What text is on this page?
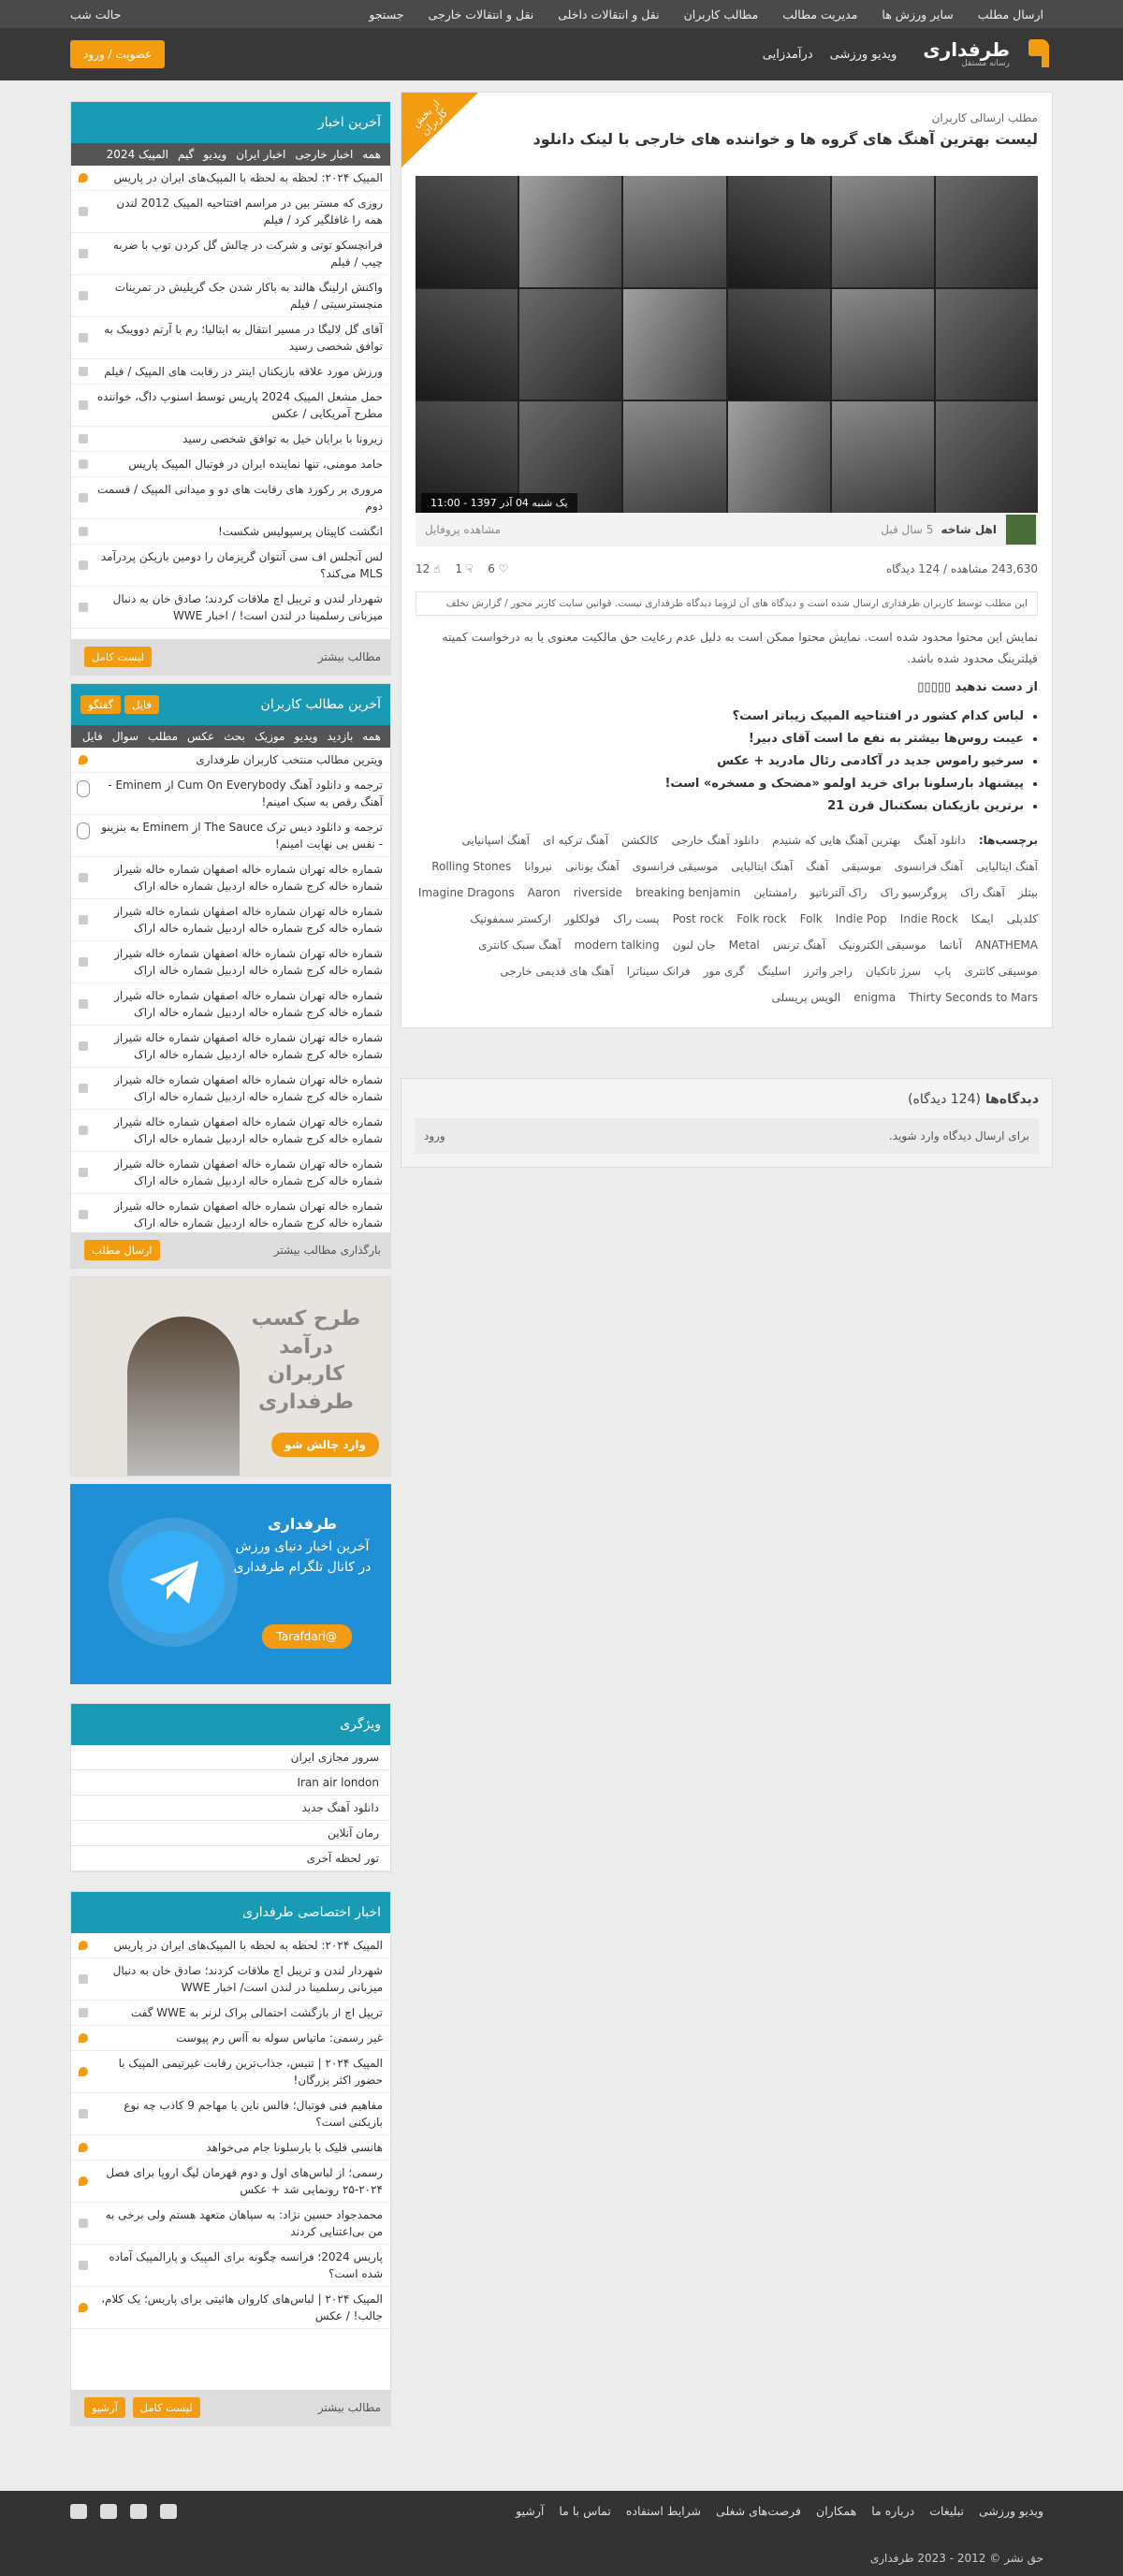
ارسال مطلب
سایر ورزش ها
مدیریت مطالب
مطالب کاربران
نقل و انتقالات داخلی
نقل و انتقالات خارجی
جستجو
حالت شب
طرفداری
رسانه مستقل
ویدیو ورزشی
درآمدزایی
عضویت / ورود
از بخش کاربران	مطلب ارسالی کاربران
لیست بهترین آهنگ های گروه ها و خواننده های خارجی با لینک دانلود
یک شنبه 04 آذر 1397 - 11:00
اهل شاخه
5 سال قبل
مشاهده پروفایل
243,630 مشاهده / 124 دیدگاه
♡ 6
☟ 1
☝ 12
این مطلب توسط کاربران طرفداری ارسال شده است و دیدگاه های آن لزوما دیدگاه طرفداری نیست. قوانین سایت کاربر محور / گزارش تخلف

نمایش این محتوا محدود شده است. نمایش محتوا ممکن است به دلیل عدم رعایت حق مالکیت معنوی یا به درخواست کمیته فیلترینگ محدود شده باشد.

از دست ندهید ▯▯▯▯▯
• لباس کدام کشور در افتتاحیه المپیک زیباتر است؟
• عیبت روس‌ها بیشتر به نفع ما است آقای دبیر!
• سرخیو راموس جدید در آکادمی رئال مادرید + عکس
• پیشنهاد بارسلونا برای خرید اولمو «مضحک و مسخره» است!
• برترین بازیکنان بسکتبال قرن 21
برچسب‌ها:
دانلود آهنگ
بهترین آهنگ هایی که شنیدم
دانلود آهنگ خارجی
کالکشن
آهنگ ترکیه ای
آهنگ اسپانیایی
آهنگ ایتالیایی
آهنگ فرانسوی
موسیقی
آهنگ
آهنگ ایتالیایی
موسیقی فرانسوی
آهنگ یونانی
نیروانا
Rolling Stones
بیتلز
آهنگ راک
پروگرسیو راک
راک آلترناتیو
رامشتاین
breaking benjamin
riverside
Aaron
Imagine Dragons
کلدپلی
ایمکا
Indie Rock
Indie Pop
Folk
Folk rock
Post rock
پست راک
فولکلور
ارکستر سمفونیک
ANATHEMA
آنانما
موسیقی الکترونیک
آهنگ ترنس
Metal
جان لنون
modern talking
آهنگ سبک کانتری
موسیقی کانتری
پاپ
سرژ تانکیان
راجر واترز
اسلینگ
گری مور
فرانک سیناترا
آهنگ های قدیمی خارجی
Thirty Seconds to Mars
enigma
الویس پریسلی
دیدگاه‌ها (124 دیدگاه)
برای ارسال دیدگاه وارد شوید.
ورود
آخرین اخبار
همه
اخبار خارجی
اخبار ایران
ویدیو
گیم
المپیک 2024
المپیک ۲۰۲۴: لحظه به لحظه با المپیک‌های ایران در پاریس
روزی که مستر بین در مراسم افتتاحیه المپیک 2012 لندن همه را غافلگیر کرد / فیلم
فرانچسکو توتی و شرکت در چالش گل کردن توپ با ضربه چیپ / فیلم
واکنش ارلینگ هالند به باکار شدن جک گریلیش در تمرینات منچسترسیتی / فیلم
آقای گل لالیگا در مسیر انتقال به ایتالیا؛ رم با آرتم دوویبک به توافق شخصی رسید
ورزش مورد علاقه بازیکنان اینتر در رقابت های المپیک / فیلم
حمل مشعل المپیک 2024 پاریس توسط اسنوپ داگ، خواننده مطرح آمریکایی / عکس
زیرونا با برایان خیل به توافق شخصی رسید
حامد مومنی، تنها نماینده ایران در فوتبال المپیک پاریس
مروری بر رکورد های رقابت های دو و میدانی المپیک / قسمت دوم
انگشت کاپیتان پرسپولیس شکست!
لس آنجلس اف سی آنتوان گریزمان را دومین بازیکن پردرآمد MLS می‌کند؟
شهردار لندن و تریبل اچ ملاقات کردند؛ صادق خان به دنبال میزبانی رسلمینا در لندن است! / اخبار WWE
مطالب بیشتر
لیست کامل
آخرین مطالب کاربران
فایل
گفتگو
همه
بازدید
ویدیو
موزیک
بحث
عکس
مطلب
سوال
فایل
ویترین مطالب منتخب کاربران طرفداری
ترجمه و دانلود آهنگ Cum On Everybody از Eminem - آهنگ رقص به سبک امینم!
ترجمه و دانلود دیس ترک The Sauce از Eminem به بنزینو - نفس بی نهایت امینم!
شماره خاله تهران شماره خاله اصفهان شماره خاله شیراز شماره خاله کرج شماره خاله اردبیل شماره خاله اراک
شماره خاله تهران شماره خاله اصفهان شماره خاله شیراز شماره خاله کرج شماره خاله اردبیل شماره خاله اراک
شماره خاله تهران شماره خاله اصفهان شماره خاله شیراز شماره خاله کرج شماره خاله اردبیل شماره خاله اراک
شماره خاله تهران شماره خاله اصفهان شماره خاله شیراز شماره خاله کرج شماره خاله اردبیل شماره خاله اراک
شماره خاله تهران شماره خاله اصفهان شماره خاله شیراز شماره خاله کرج شماره خاله اردبیل شماره خاله اراک
شماره خاله تهران شماره خاله اصفهان شماره خاله شیراز شماره خاله کرج شماره خاله اردبیل شماره خاله اراک
شماره خاله تهران شماره خاله اصفهان شماره خاله شیراز شماره خاله کرج شماره خاله اردبیل شماره خاله اراک
شماره خاله تهران شماره خاله اصفهان شماره خاله شیراز شماره خاله کرج شماره خاله اردبیل شماره خاله اراک
شماره خاله تهران شماره خاله اصفهان شماره خاله شیراز شماره خاله کرج شماره خاله اردبیل شماره خاله اراک
بارگذاری مطالب بیشتر
ارسال مطلب
طرح کسب درآمد کاربران طرفداری
وارد چالش شو
طرفداری
آخرین اخبار دنیای ورزش در کانال تلگرام طرفداری
@Tarafdari
ویژگری
سرور مجازی ایران
Iran air london
دانلود آهنگ جدید
رمان آنلاین
تور لحظه آخری
اخبار اختصاصی طرفداری
المپیک ۲۰۲۴: لحظه به لحظه با المپیک‌های ایران در پاریس
شهردار لندن و تریبل اچ ملاقات کردند؛ صادق خان به دنبال میزبانی رسلمینا در لندن است/ اخبار WWE
تریپل اچ از بازگشت احتمالی براک لزنر به WWE گفت
غیر رسمی: ماتیاس سوله به آاس رم پیوست
المپیک ۲۰۲۴ | تنیس، جذاب‌ترین رقابت غیرتیمی المپیک با حضور اکثر بزرگان!
مفاهیم فنی فوتبال؛ فالس ناین یا مهاجم 9 کاذب چه نوع بازیکنی است؟
هانسی فلیک با بارسلونا جام می‌خواهد
رسمی؛ از لباس‌های اول و دوم قهرمان لیگ اروپا برای فصل ۲۰۲۴-۲۵ رونمایی شد + عکس
محمدجواد حسین نژاد: به سپاهان متعهد هستم ولی برخی به من بی‌اعتنایی کردند
پاریس 2024؛ فرانسه چگونه برای المپیک و پارالمپیک آماده شده است؟
المپیک ۲۰۲۴ | لباس‌های کاروان هائیتی برای پاریس؛ یک کلام، جالب! / عکس
مطالب بیشتر
لیست کامل آرشیو
ویدیو ورزشی
تبلیغات
درباره ما
همکاران
فرصت‌های شغلی
شرایط استفاده
تماس با ما
آرشیو
حق نشر © 2012 - 2023 طرفداری
